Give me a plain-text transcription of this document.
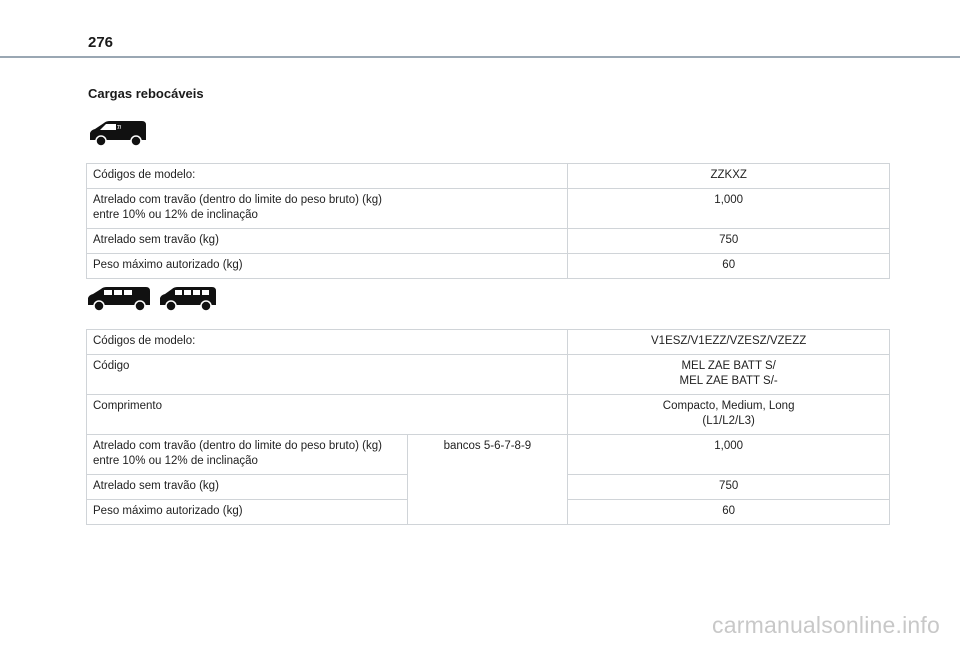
276
Cargas rebocáveis
7/
Códigos de modelo:	ZZKXZ

Atrelado com travão (dentro do limite do peso bruto) (kg)
entre 10% ou 12% de inclinação	1,000

Atrelado sem travão (kg)	750

Peso máximo autorizado (kg)	60
Códigos de modelo:		V1ESZ/V1EZZ/VZESZ/VZEZZ

Código		MEL ZAE BATT S/
MEL ZAE BATT S/-

Comprimento		Compacto, Medium, Long
(L1/L2/L3)

Atrelado com travão (dentro do limite do peso bruto) (kg)
entre 10% ou 12% de inclinação	bancos 5-6-7-8-9	1,000

Atrelado sem travão (kg)		750

Peso máximo autorizado (kg)		60
carmanualsonline.info
